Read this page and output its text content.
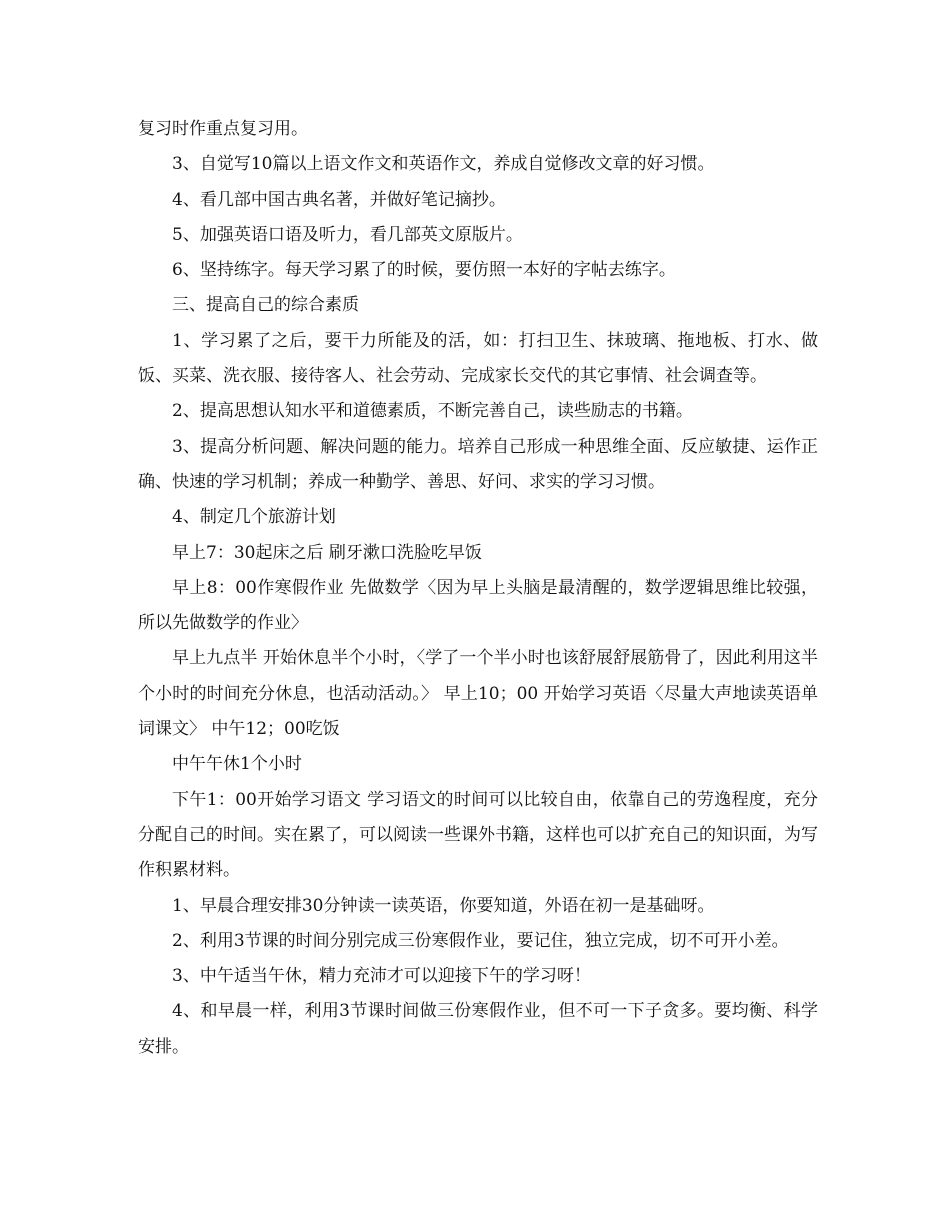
复习时作重点复习用。

3、自觉写10篇以上语文作文和英语作文，养成自觉修改文章的好习惯。

4、看几部中国古典名著，并做好笔记摘抄。

5、加强英语口语及听力，看几部英文原版片。

6、坚持练字。每天学习累了的时候，要仿照一本好的字帖去练字。

三、提高自己的综合素质

1、学习累了之后，要干力所能及的活，如：打扫卫生、抹玻璃、拖地板、打水、做饭、买菜、洗衣服、接待客人、社会劳动、完成家长交代的其它事情、社会调查等。

2、提高思想认知水平和道德素质，不断完善自己，读些励志的书籍。

3、提高分析问题、解决问题的能力。培养自己形成一种思维全面、反应敏捷、运作正确、快速的学习机制；养成一种勤学、善思、好问、求实的学习习惯。

4、制定几个旅游计划

早上7：30起床之后 刷牙漱口洗脸吃早饭

早上8：00作寒假作业 先做数学〈因为早上头脑是最清醒的，数学逻辑思维比较强，所以先做数学的作业〉

早上九点半 开始休息半个小时，〈学了一个半小时也该舒展舒展筋骨了，因此利用这半个小时的时间充分休息，也活动活动。〉 早上10；00 开始学习英语〈尽量大声地读英语单词课文〉 中午12；00吃饭

中午午休1个小时

下午1：00开始学习语文 学习语文的时间可以比较自由，依靠自己的劳逸程度，充分分配自己的时间。实在累了，可以阅读一些课外书籍，这样也可以扩充自己的知识面，为写作积累材料。

1、早晨合理安排30分钟读一读英语，你要知道，外语在初一是基础呀。

2、利用3节课的时间分别完成三份寒假作业，要记住，独立完成，切不可开小差。

3、中午适当午休，精力充沛才可以迎接下午的学习呀！

4、和早晨一样，利用3节课时间做三份寒假作业，但不可一下子贪多。要均衡、科学安排。
